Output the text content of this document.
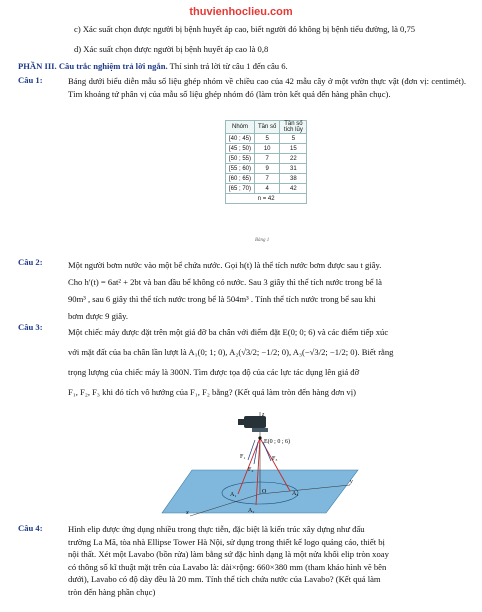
thuvienhoclieu.com
c) Xác suất chọn được người bị bệnh huyết áp cao, biết người đó không bị bệnh tiểu đường, là 0,75
d) Xác suất chọn được người bị bệnh huyết áp cao là 0,8
PHẦN III. Câu trắc nghiệm trả lời ngắn. Thí sinh trả lời từ câu 1 đến câu 6.
Câu 1:	Bảng dưới biểu diễn mẫu số liệu ghép nhóm về chiều cao của 42 mẫu cây ở một vườn thực vật (đơn vị: centimét). Tìm khoảng tứ phân vị của mẫu số liệu ghép nhóm đó (làm tròn kết quả đến hàng phần chục).
Nhóm	Tần số	Tần số tích lũy
[40 ; 45)	5	5
[45 ; 50)	10	15
[50 ; 55)	7	22
[55 ; 60)	9	31
[60 ; 65)	7	38
[65 ; 70)	4	42
n = 42		
Bảng 1
Câu 2:	Một người bơm nước vào một bể chứa nước. Gọi h(t) là thể tích nước bơm được sau t giây.
Cho h′(t) = 6at² + 2bt và ban đầu bể không có nước. Sau 3 giây thì thể tích nước trong bể là
90m³ , sau 6 giây thì thể tích nước trong bể là 504m³ . Tính thể tích nước trong bể sau khi
bơm được 9 giây.
Câu 3:	Một chiếc máy được đặt trên một giá đỡ ba chân với điểm đặt E(0; 0; 6) và các điểm tiếp xúc
với mặt đất của ba chân lần lượt là A₁(0; 1; 0), A₂(√3/2; −1/2; 0), A₃(−√3/2; −1/2; 0). Biết rằng
trọng lượng của chiếc máy là 300N. Tìm được tọa độ của các lực tác dụng lên giá đỡ
F₁, F₂, F₃ khi đó tích vô hướng của F₁, F₂ bằng? (Kết quả làm tròn đến hàng đơn vị)
E(0 ; 0 ; 6)
z
y
x
O
A₁
A₂
A₃
F₁
F₂
F₃
Câu 4:	Hình elip được ứng dụng nhiều trong thực tiễn, đặc biệt là kiến trúc xây dựng như đấu
trường La Mã, tòa nhà Ellipse Tower Hà Nội, sử dụng trong thiết kế logo quảng cáo, thiết bị
nội thất. Xét một Lavabo (bồn rửa) làm bằng sứ đặc hình dạng là một nửa khối elip tròn xoay
có thông số kĩ thuật mặt trên của Lavabo là: dài×rộng: 660×380 mm (tham khảo hình vẽ bên
dưới), Lavabo có độ dày đều là 20 mm. Tính thể tích chứa nước của Lavabo? (Kết quả làm
tròn đến hàng phần chục)
